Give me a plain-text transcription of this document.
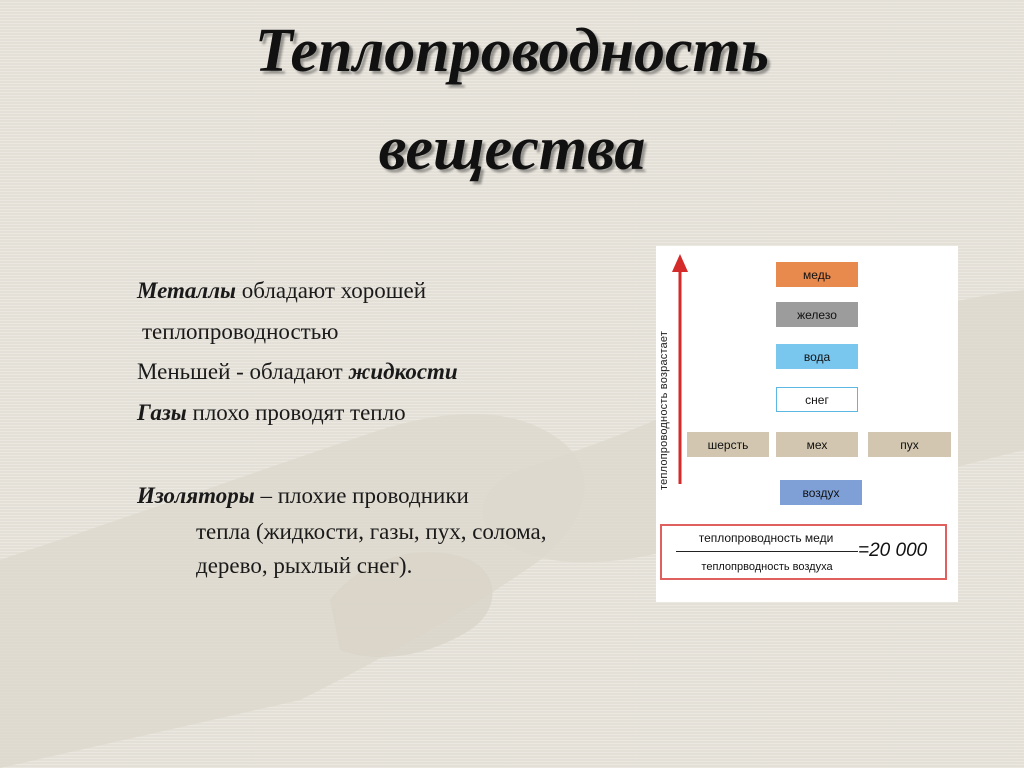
Теплопроводность
вещества

Металлы обладают хорошей

теплопроводностью

Меньшей - обладают жидкости

Газы плохо проводят тепло

Изоляторы – плохие проводники

тепла (жидкости, газы, пух, солома, дерево, рыхлый снег).

теплопроводность возрастает
медь
железо
вода
снег
шерсть	мех	пух
воздух
теплопроводность меди
теплопрводность воздуха
=20 000
